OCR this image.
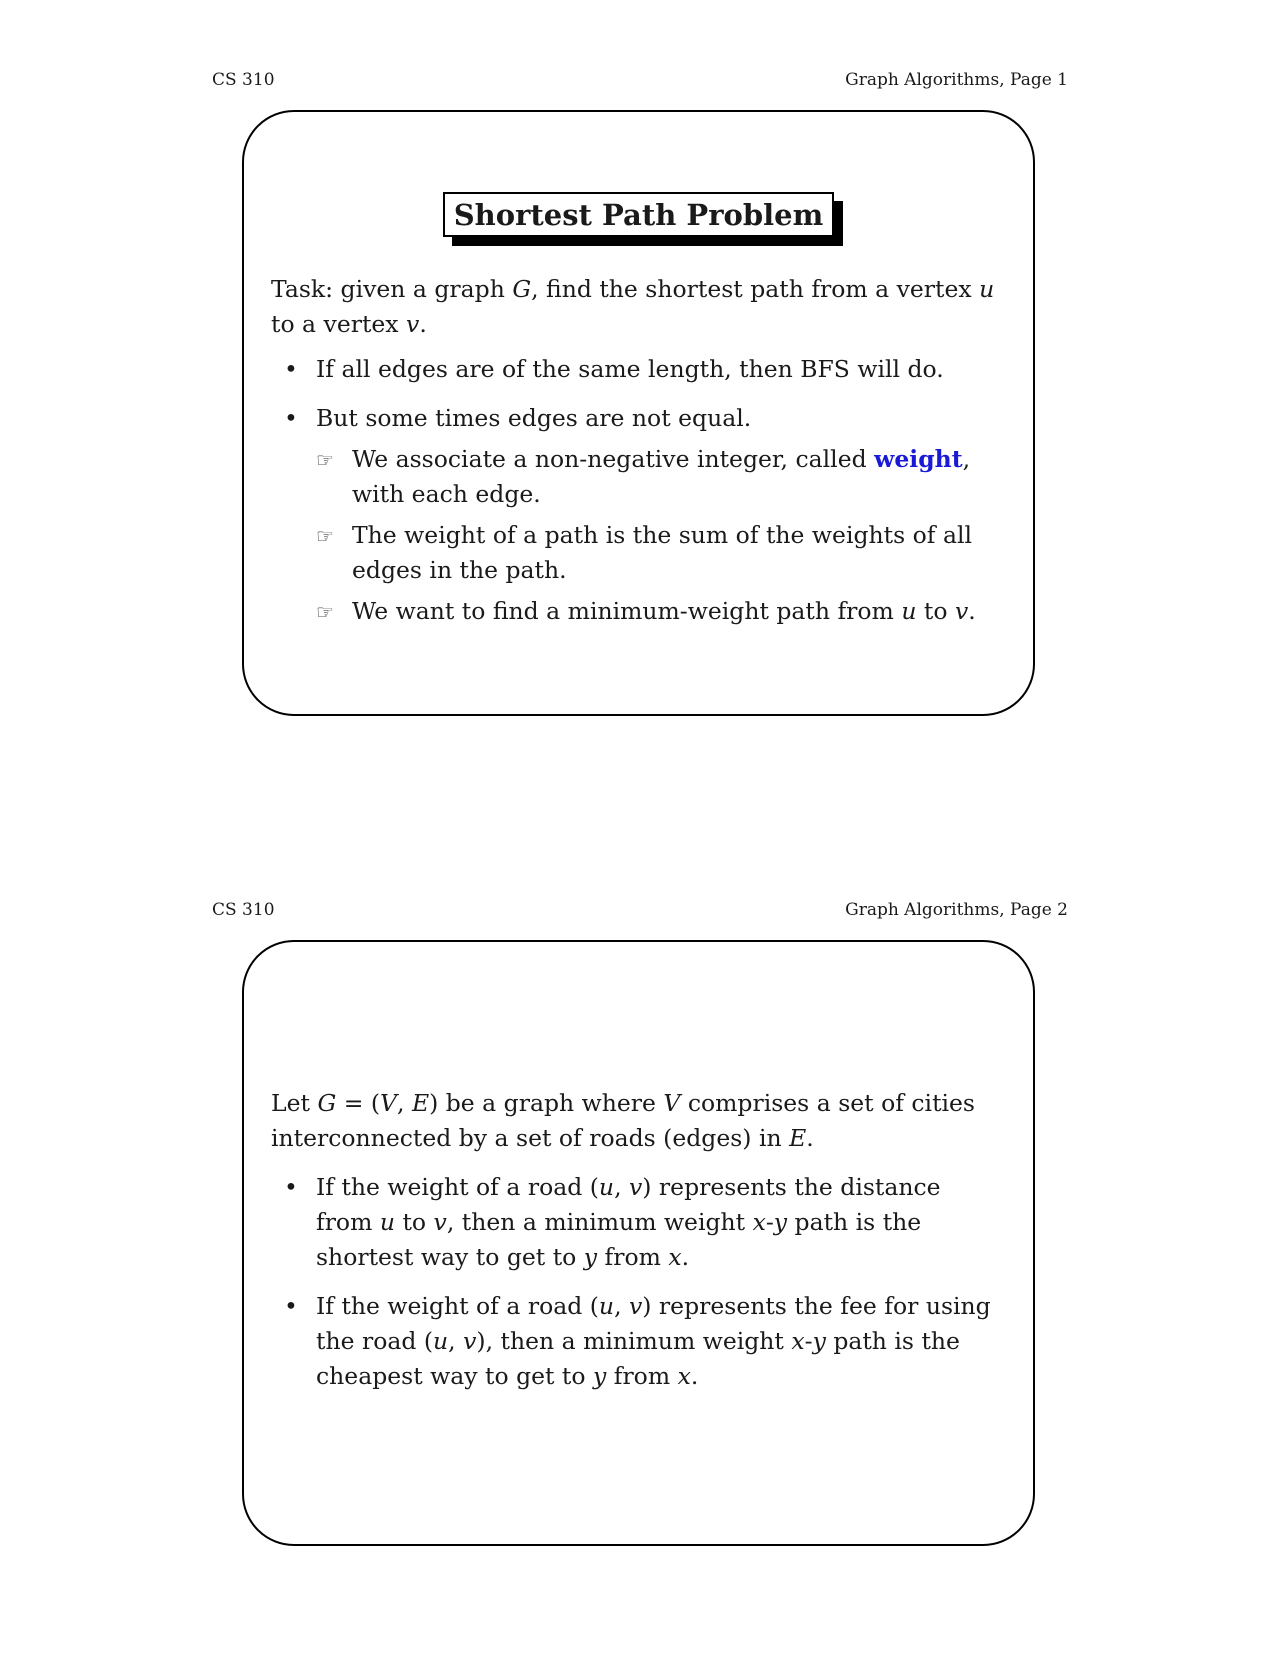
CS 310	Graph Algorithms, Page 1
Shortest Path Problem
Task: given a graph G, find the shortest path from a vertex u to a vertex v.
• If all edges are of the same length, then BFS will do.
• But some times edges are not equal.
☞ We associate a non-negative integer, called weight, with each edge.
☞ The weight of a path is the sum of the weights of all edges in the path.
☞ We want to find a minimum-weight path from u to v.
CS 310	Graph Algorithms, Page 2
Let G = (V, E) be a graph where V comprises a set of cities interconnected by a set of roads (edges) in E.
• If the weight of a road (u, v) represents the distance from u to v, then a minimum weight x-y path is the shortest way to get to y from x.
• If the weight of a road (u, v) represents the fee for using the road (u, v), then a minimum weight x-y path is the cheapest way to get to y from x.
